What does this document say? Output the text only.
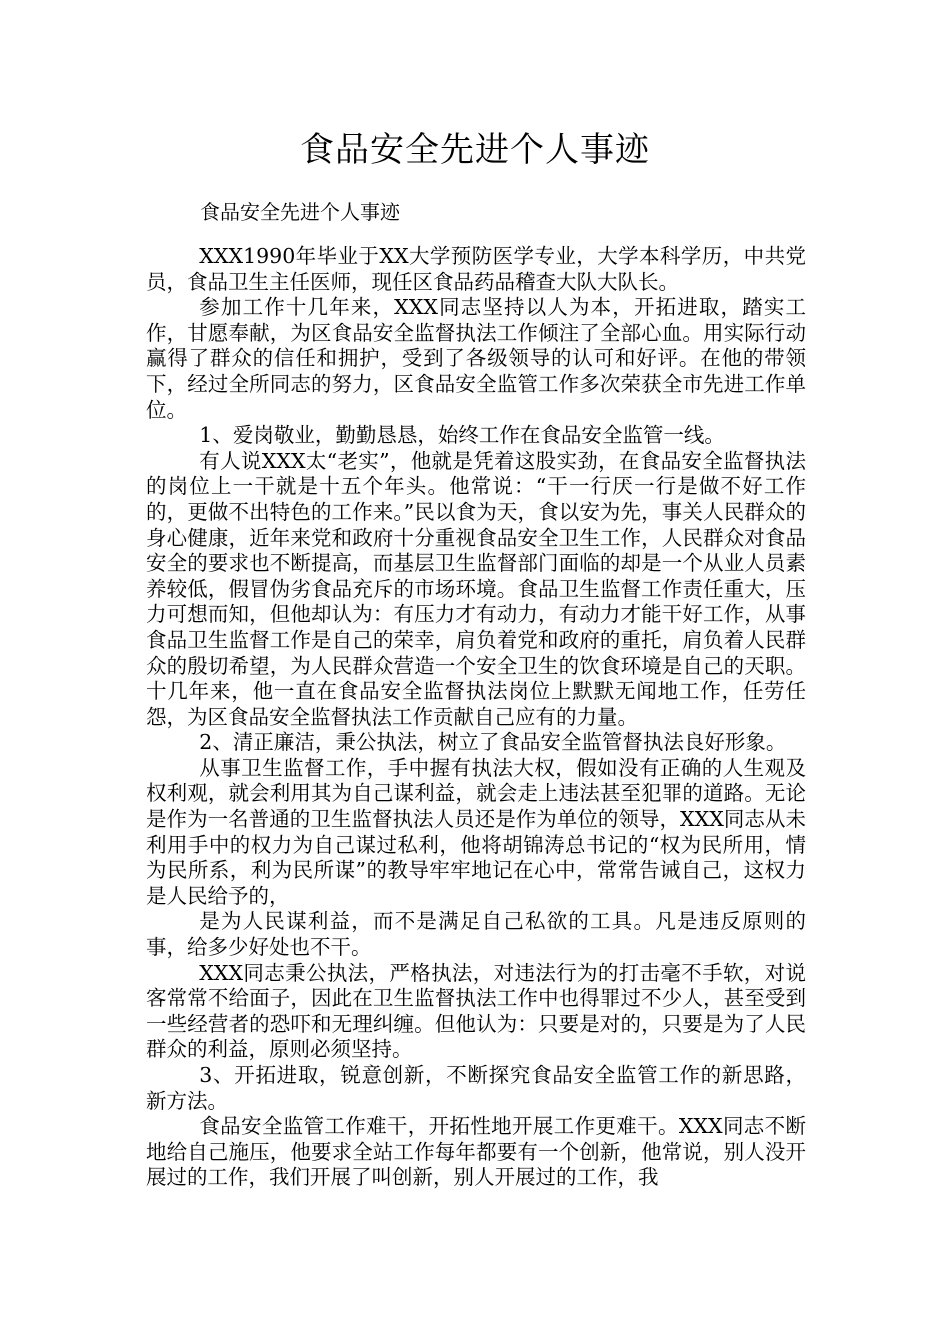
食品安全先进个人事迹

食品安全先进个人事迹

XXX1990年毕业于XX大学预防医学专业，大学本科学历，中共党员，食品卫生主任医师，现任区食品药品稽查大队大队长。

参加工作十几年来，XXX同志坚持以人为本，开拓进取，踏实工作，甘愿奉献，为区食品安全监督执法工作倾注了全部心血。用实际行动赢得了群众的信任和拥护，受到了各级领导的认可和好评。在他的带领下，经过全所同志的努力，区食品安全监管工作多次荣获全市先进工作单位。

1、爱岗敬业，勤勤恳恳，始终工作在食品安全监管一线。

有人说XXX太“老实”，他就是凭着这股实劲，在食品安全监督执法的岗位上一干就是十五个年头。他常说：“干一行厌一行是做不好工作的，更做不出特色的工作来。”民以食为天，食以安为先，事关人民群众的身心健康，近年来党和政府十分重视食品安全卫生工作，人民群众对食品安全的要求也不断提高，而基层卫生监督部门面临的却是一个从业人员素养较低，假冒伪劣食品充斥的市场环境。食品卫生监督工作责任重大，压力可想而知，但他却认为：有压力才有动力，有动力才能干好工作，从事食品卫生监督工作是自己的荣幸，肩负着党和政府的重托，肩负着人民群众的殷切希望，为人民群众营造一个安全卫生的饮食环境是自己的天职。十几年来，他一直在食品安全监督执法岗位上默默无闻地工作，任劳任怨，为区食品安全监督执法工作贡献自己应有的力量。

2、清正廉洁，秉公执法，树立了食品安全监管督执法良好形象。

从事卫生监督工作，手中握有执法大权，假如没有正确的人生观及权利观，就会利用其为自己谋利益，就会走上违法甚至犯罪的道路。无论是作为一名普通的卫生监督执法人员还是作为单位的领导，XXX同志从未利用手中的权力为自己谋过私利，他将胡锦涛总书记的“权为民所用，情为民所系，利为民所谋”的教导牢牢地记在心中，常常告诫自己，这权力是人民给予的，

是为人民谋利益，而不是满足自己私欲的工具。凡是违反原则的事，给多少好处也不干。

XXX同志秉公执法，严格执法，对违法行为的打击毫不手软，对说客常常不给面子，因此在卫生监督执法工作中也得罪过不少人，甚至受到一些经营者的恐吓和无理纠缠。但他认为：只要是对的，只要是为了人民群众的利益，原则必须坚持。

3、开拓进取，锐意创新，不断探究食品安全监管工作的新思路，新方法。

食品安全监管工作难干，开拓性地开展工作更难干。XXX同志不断地给自己施压，他要求全站工作每年都要有一个创新，他常说，别人没开展过的工作，我们开展了叫创新，别人开展过的工作，我
